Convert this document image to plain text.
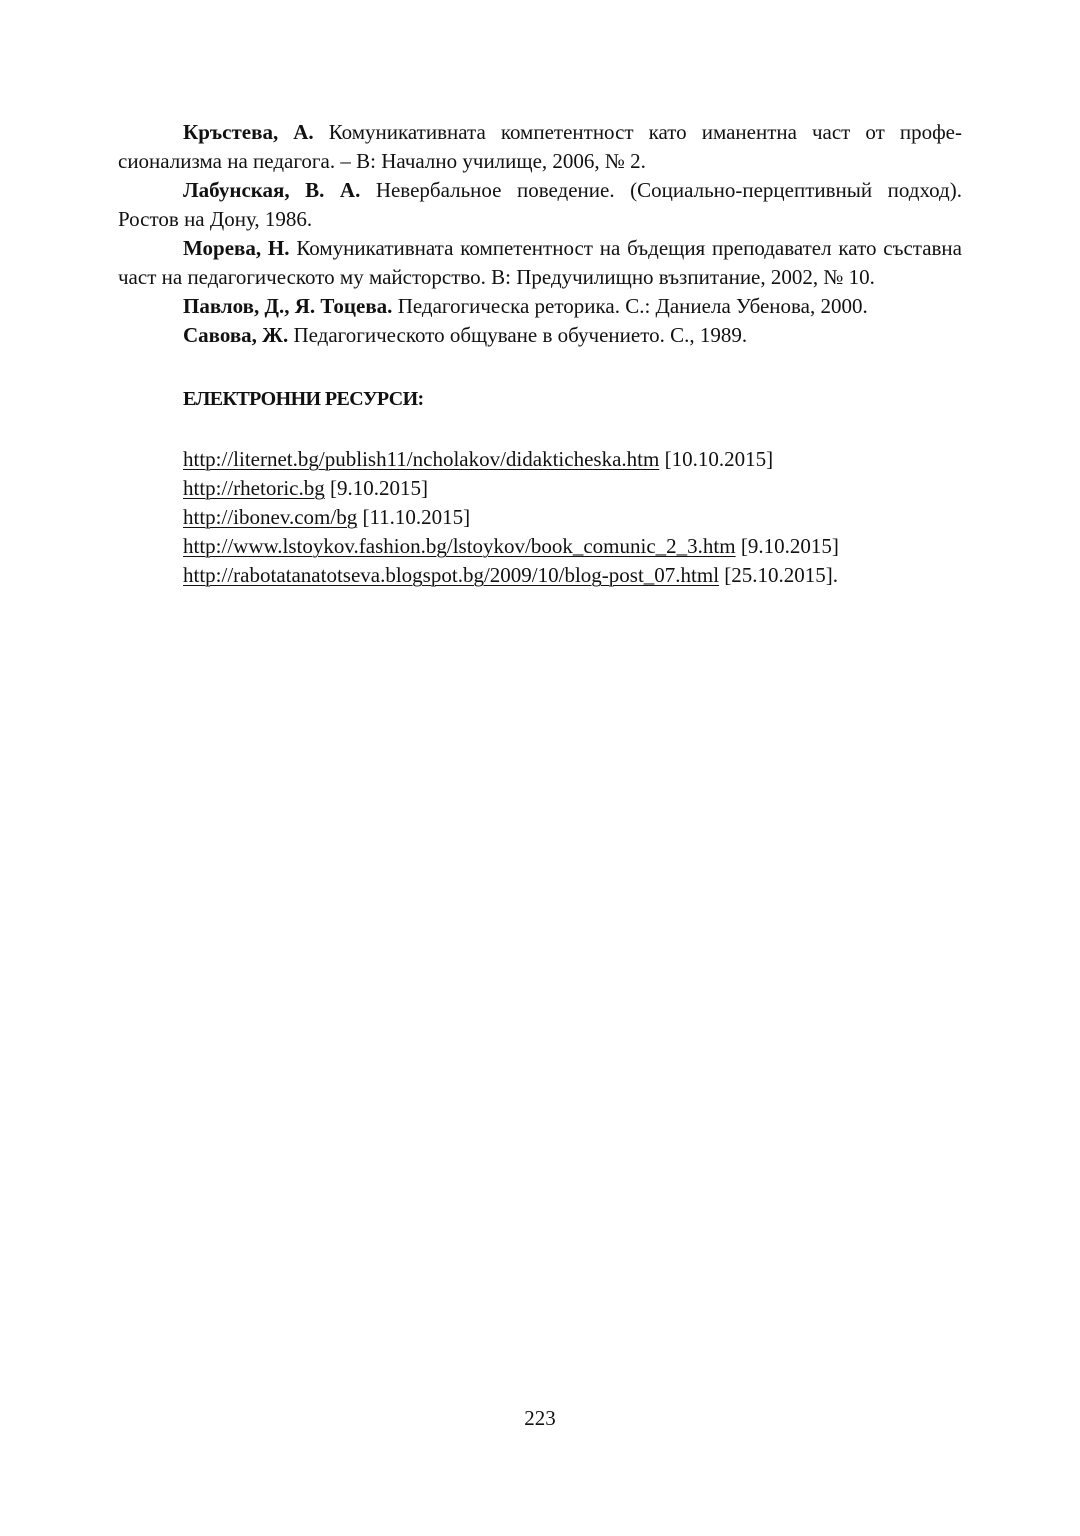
Кръстева, А. Комуникативната компетентност като иманентна част от профе-сионализма на педагога. – В: Начално училище, 2006, № 2.

Лабунская, В. А. Невербальное поведение. (Социально-перцептивный подход). Ростов на Дону, 1986.

Морева, Н. Комуникативната компетентност на бъдещия преподавател като съставна част на педагогическото му майсторство. В: Предучилищно възпитание, 2002, № 10.

Павлов, Д., Я. Тоцева. Педагогическа реторика. С.: Даниела Убенова, 2000.

Савова, Ж. Педагогическото общуване в обучението. С., 1989.

ЕЛЕКТРОННИ РЕСУРСИ:

http://liternet.bg/publish11/ncholakov/didakticheska.htm [10.10.2015]

http://rhetoric.bg [9.10.2015]

http://ibonev.com/bg [11.10.2015]

http://www.lstoykov.fashion.bg/lstoykov/book_comunic_2_3.htm [9.10.2015]

http://rabotatanatotseva.blogspot.bg/2009/10/blog-post_07.html [25.10.2015].

223
